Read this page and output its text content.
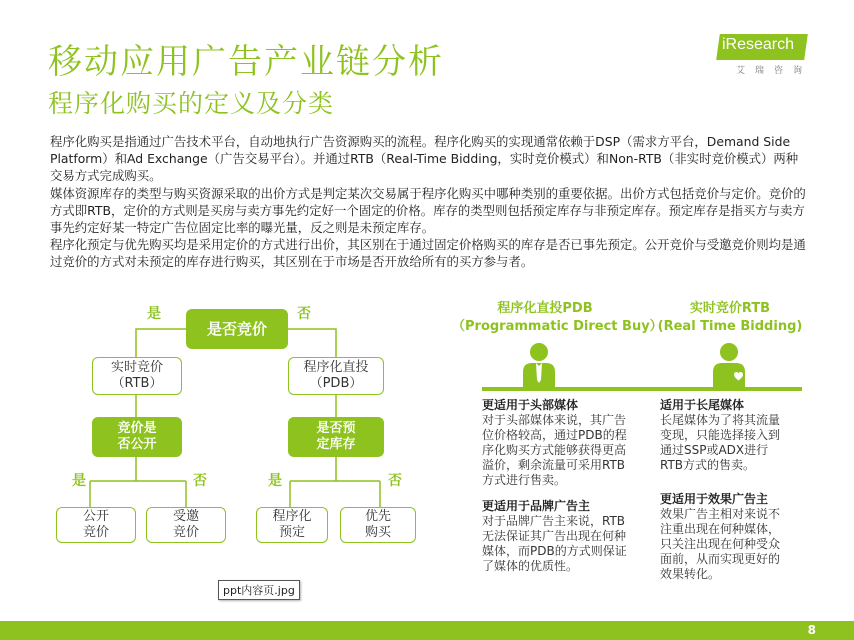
移动应用广告产业链分析
程序化购买的定义及分类
iResearch
艾瑞咨询

程序化购买是指通过广告技术平台，自动地执行广告资源购买的流程。程序化购买的实现通常依赖于DSP（需求方平台，Demand Side Platform）和Ad Exchange（广告交易平台）。并通过RTB（Real-Time Bidding，实时竞价模式）和Non-RTB（非实时竞价模式）两种交易方式完成购买。

媒体资源库存的类型与购买资源采取的出价方式是判定某次交易属于程序化购买中哪种类别的重要依据。出价方式包括竞价与定价。竞价的方式即RTB，定价的方式则是买房与卖方事先约定好一个固定的价格。库存的类型则包括预定库存与非预定库存。预定库存是指买方与卖方事先约定好某一特定广告位固定比率的曝光量，反之则是未预定库存。

程序化预定与优先购买均是采用定价的方式进行出价，其区别在于通过固定价格购买的库存是否已事先预定。公开竞价与受邀竞价则均是通过竞价的方式对未预定的库存进行购买，其区别在于市场是否开放给所有的买方参与者。

是否竞价
是	否
实时竞价
（RTB）
程序化直投
（PDB）
竞价是
否公开
是否预
定库存
是	否	是	否
公开
竞价
受邀
竞价
程序化
预定
优先
购买
程序化直投PDB
（Programmatic Direct Buy）
实时竞价RTB
(Real Time Bidding)
更适用于头部媒体
对于头部媒体来说，其广告
位价格较高，通过PDB的程
序化购买方式能够获得更高
溢价，剩余流量可采用RTB
方式进行售卖。
更适用于品牌广告主
对于品牌广告主来说，RTB
无法保证其广告出现在何种
媒体，而PDB的方式则保证
了媒体的优质性。
适用于长尾媒体
长尾媒体为了将其流量
变现，只能选择接入到
通过SSP或ADX进行
RTB方式的售卖。
更适用于效果广告主
效果广告主相对来说不
注重出现在何种媒体，
只关注出现在何种受众
面前，从而实现更好的
效果转化。
ppt内容页.jpg
8
